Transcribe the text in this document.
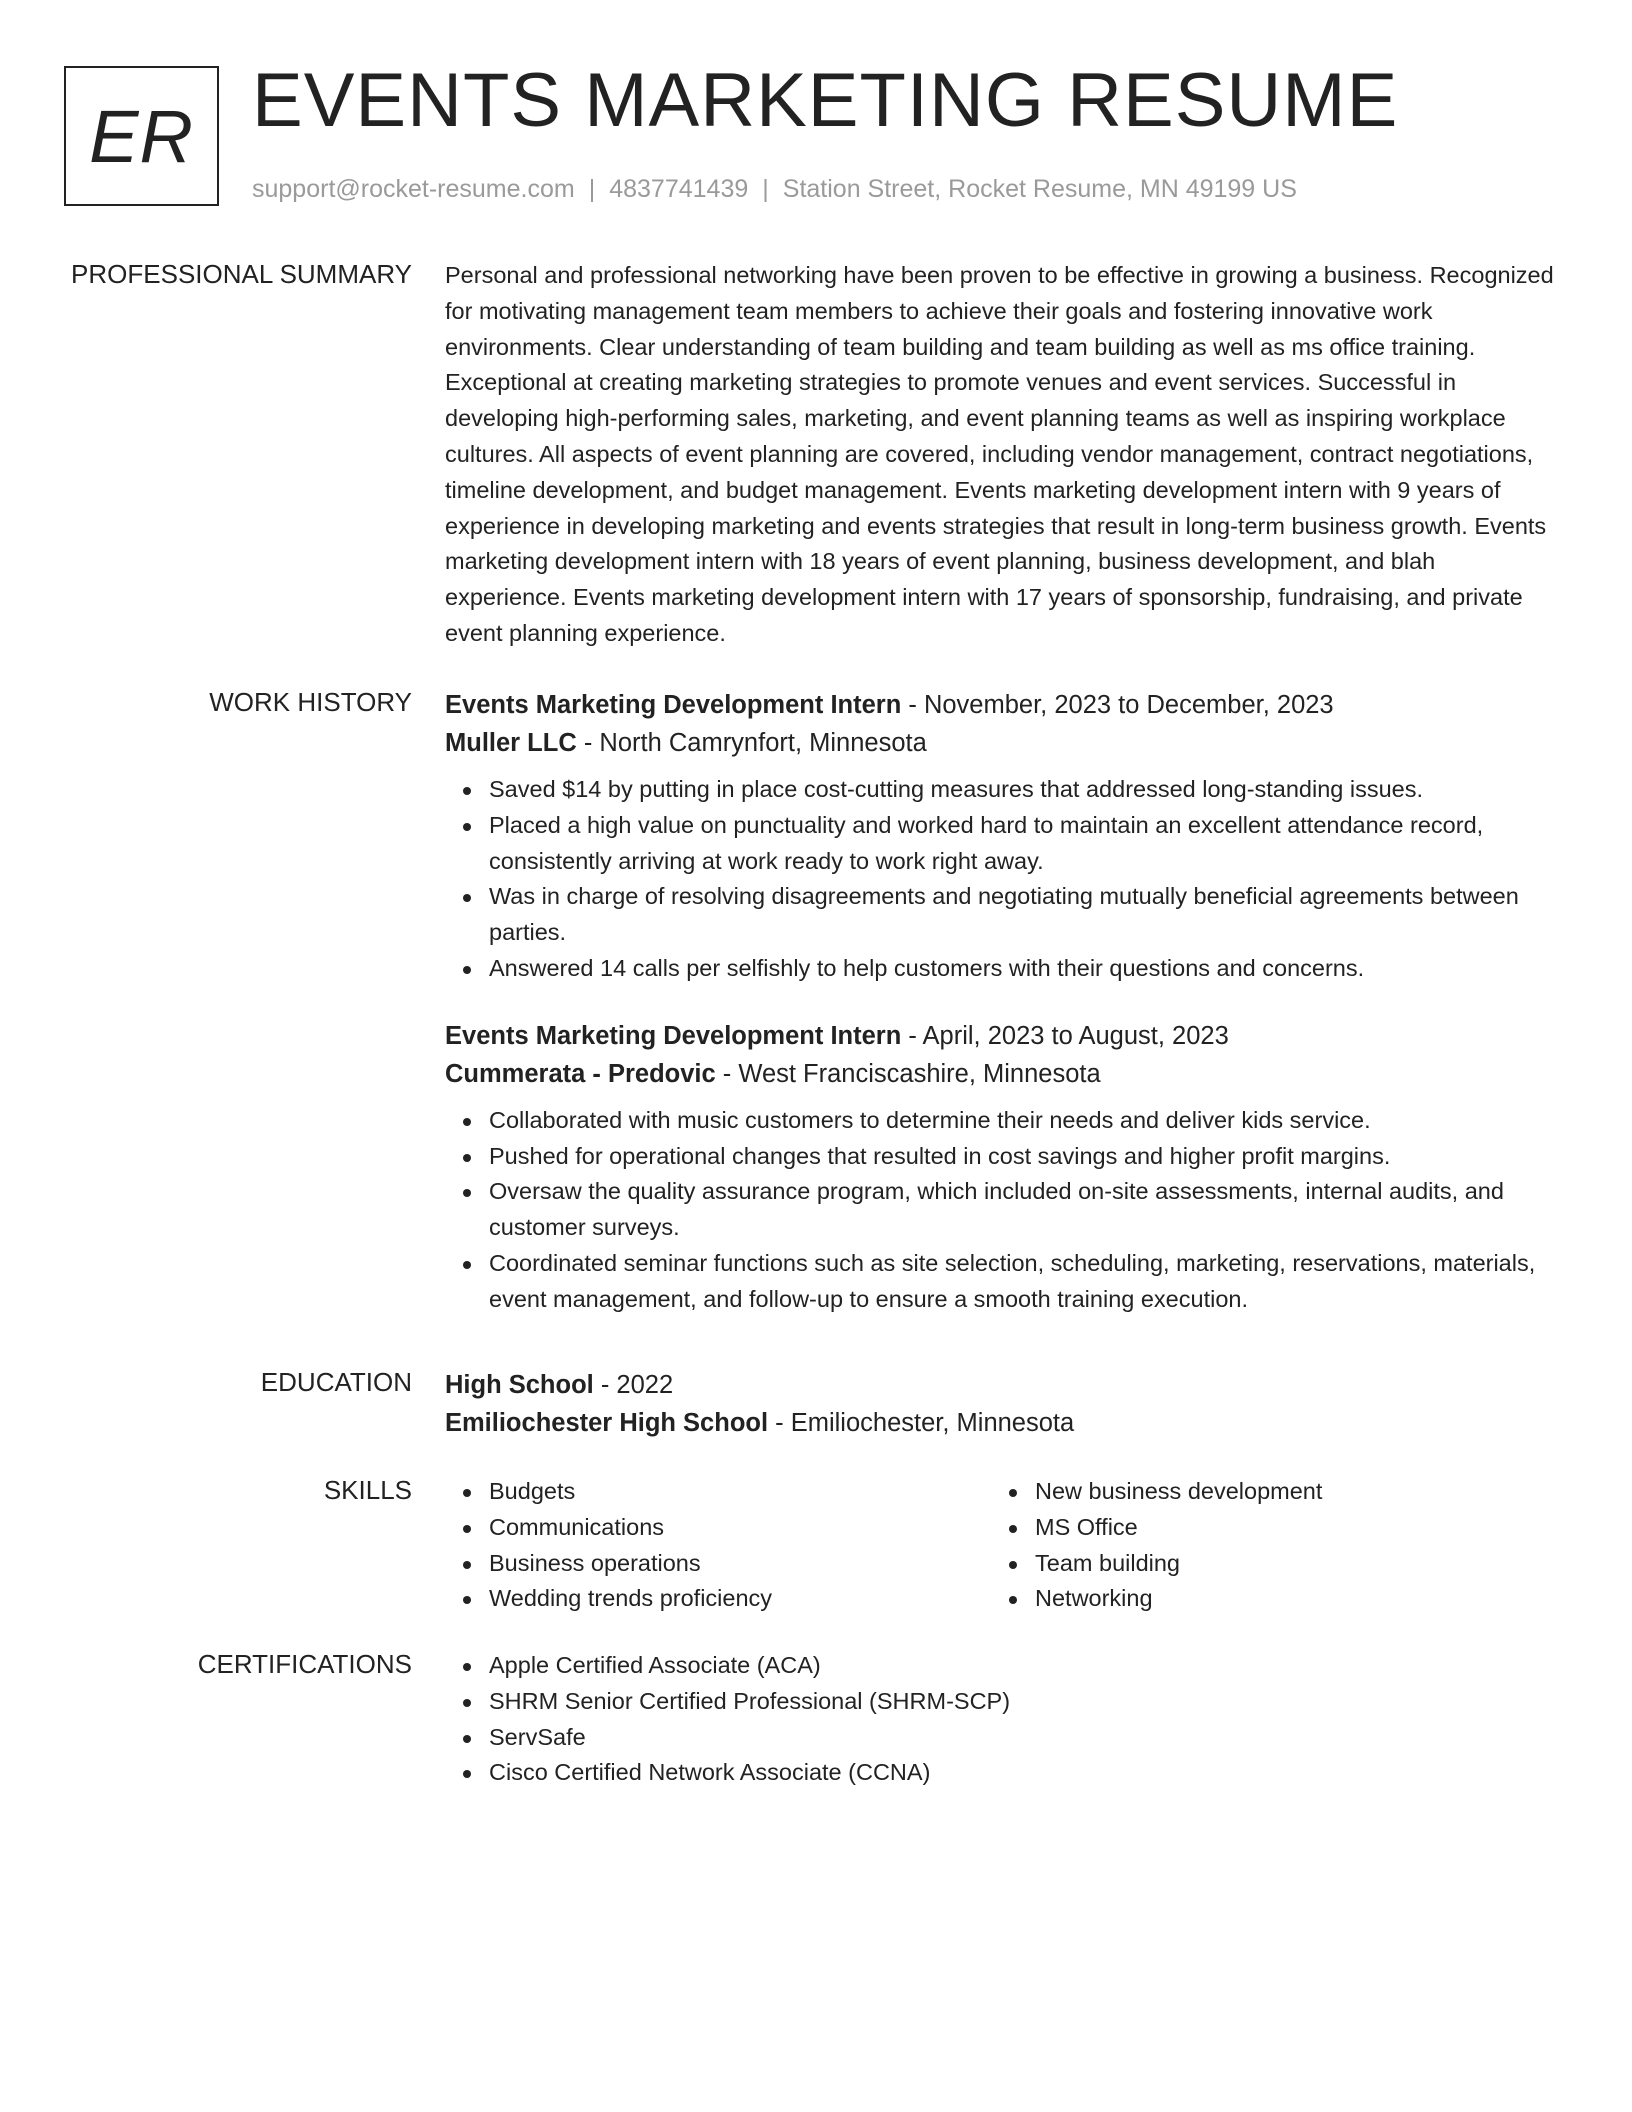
ER EVENTS MARKETING RESUME
support@rocket-resume.com | 4837741439 | Station Street, Rocket Resume, MN 49199 US
PROFESSIONAL SUMMARY Personal and professional networking have been proven to be effective in growing a business. Recognized for motivating management team members to achieve their goals and fostering innovative work environments. Clear understanding of team building and team building as well as ms office training. Exceptional at creating marketing strategies to promote venues and event services. Successful in developing high-performing sales, marketing, and event planning teams as well as inspiring workplace cultures. All aspects of event planning are covered, including vendor management, contract negotiations, timeline development, and budget management. Events marketing development intern with 9 years of experience in developing marketing and events strategies that result in long-term business growth. Events marketing development intern with 18 years of event planning, business development, and blah experience. Events marketing development intern with 17 years of sponsorship, fundraising, and private event planning experience.

WORK HISTORY Events Marketing Development Intern - November, 2023 to December, 2023
Muller LLC - North Camrynfort, Minnesota
Saved $14 by putting in place cost-cutting measures that addressed long-standing issues.
Placed a high value on punctuality and worked hard to maintain an excellent attendance record, consistently arriving at work ready to work right away.
Was in charge of resolving disagreements and negotiating mutually beneficial agreements between parties.
Answered 14 calls per selfishly to help customers with their questions and concerns.
Events Marketing Development Intern - April, 2023 to August, 2023
Cummerata - Predovic - West Franciscashire, Minnesota
Collaborated with music customers to determine their needs and deliver kids service.
Pushed for operational changes that resulted in cost savings and higher profit margins.
Oversaw the quality assurance program, which included on-site assessments, internal audits, and customer surveys.
Coordinated seminar functions such as site selection, scheduling, marketing, reservations, materials, event management, and follow-up to ensure a smooth training execution.
EDUCATION High School - 2022
Emiliochester High School - Emiliochester, Minnesota
SKILLS	Budgets
Communications
Business operations
Wedding trends proficiency
New business development
MS Office
Team building
Networking
CERTIFICATIONS	Apple Certified Associate (ACA)
SHRM Senior Certified Professional (SHRM-SCP)
ServSafe
Cisco Certified Network Associate (CCNA)
